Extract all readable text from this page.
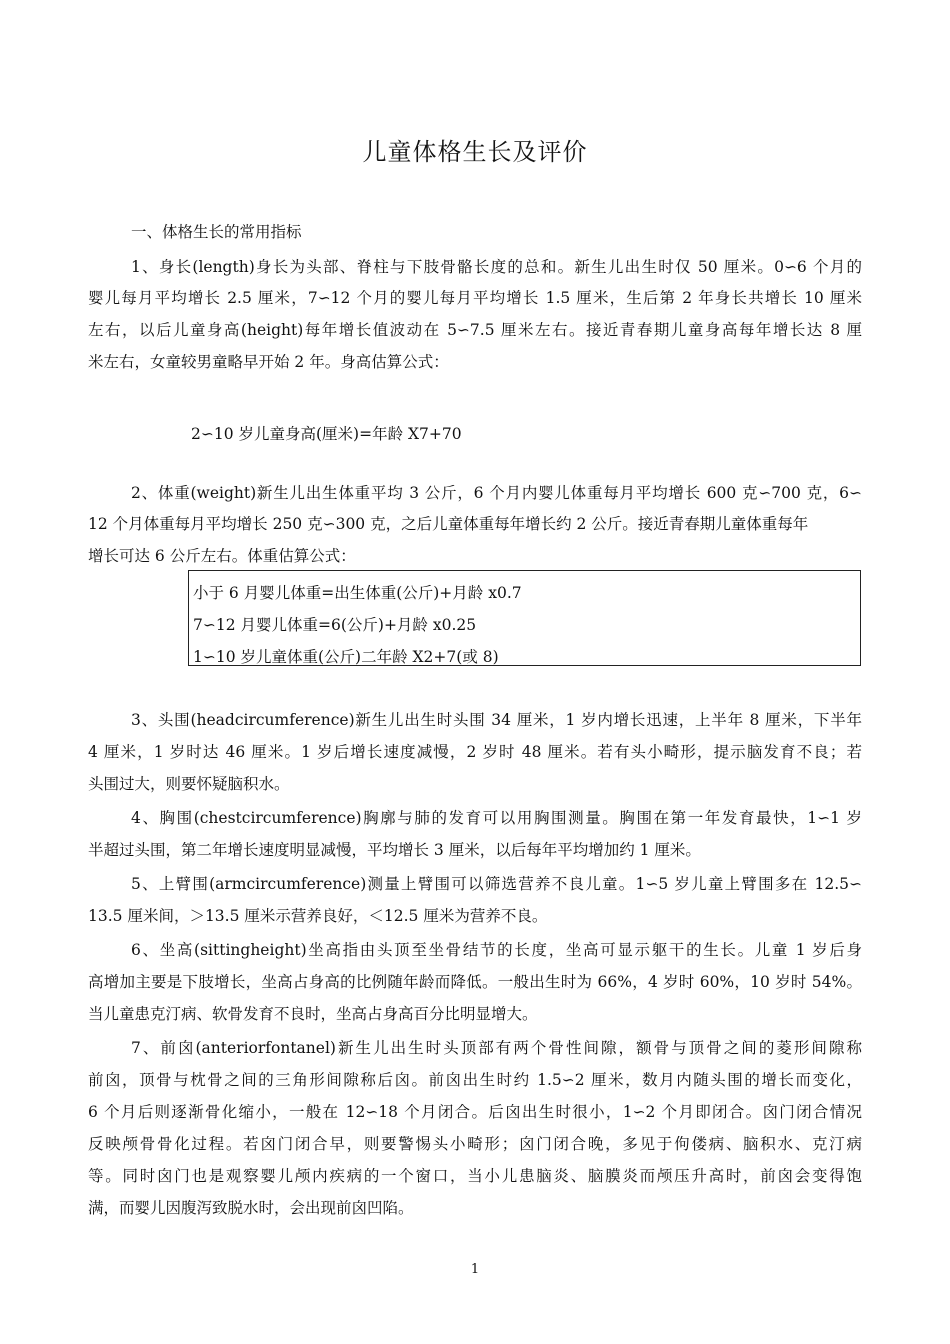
儿童体格生长及评价
一、体格生长的常用指标
1、身长(length)身长为头部、脊柱与下肢骨骼长度的总和。新生儿出生时仅 50 厘米。0∽6 个月的
婴儿每月平均增长 2.5 厘米，7∽12 个月的婴儿每月平均增长 1.5 厘米，生后第 2 年身长共增长 10 厘米
左右，以后儿童身高(height)每年增长值波动在 5∽7.5 厘米左右。接近青春期儿童身高每年增长达 8 厘
米左右，女童较男童略早开始 2 年。身高估算公式：
2∽10 岁儿童身高(厘米)=年龄 X7+70
2、体重(weight)新生儿出生体重平均 3 公斤，6 个月内婴儿体重每月平均增长 600 克∽700 克，6∽
12 个月体重每月平均增长 250 克∽300 克，之后儿童体重每年增长约 2 公斤。接近青春期儿童体重每年
增长可达 6 公斤左右。体重估算公式：
小于 6 月婴儿体重=出生体重(公斤)+月龄 x0.7
7∽12 月婴儿体重=6(公斤)+月龄 x0.25
1∽10 岁儿童体重(公斤)二年龄 X2+7(或 8)
3、头围(headcircumference)新生儿出生时头围 34 厘米，1 岁内增长迅速，上半年 8 厘米，下半年
4 厘米，1 岁时达 46 厘米。1 岁后增长速度减慢，2 岁时 48 厘米。若有头小畸形，提示脑发育不良；若
头围过大，则要怀疑脑积水。
4、胸围(chestcircumference)胸廓与肺的发育可以用胸围测量。胸围在第一年发育最快，1∽1 岁
半超过头围，第二年增长速度明显减慢，平均增长 3 厘米，以后每年平均增加约 1 厘米。
5、上臂围(armcircumference)测量上臂围可以筛选营养不良儿童。1∽5 岁儿童上臂围多在 12.5∽
13.5 厘米间，＞13.5 厘米示营养良好，＜12.5 厘米为营养不良。
6、坐高(sittingheight)坐高指由头顶至坐骨结节的长度，坐高可显示躯干的生长。儿童 1 岁后身
高增加主要是下肢增长，坐高占身高的比例随年龄而降低。一般出生时为 66%，4 岁时 60%，10 岁时 54%。
当儿童患克汀病、软骨发育不良时，坐高占身高百分比明显增大。
7、前囟(anteriorfontanel)新生儿出生时头顶部有两个骨性间隙，额骨与顶骨之间的菱形间隙称
前囟，顶骨与枕骨之间的三角形间隙称后囟。前囟出生时约 1.5∽2 厘米，数月内随头围的增长而变化，
6 个月后则逐渐骨化缩小，一般在 12∽18 个月闭合。后囟出生时很小，1∽2 个月即闭合。囟门闭合情况
反映颅骨骨化过程。若囟门闭合早，则要警惕头小畸形；囟门闭合晚，多见于佝偻病、脑积水、克汀病
等。同时囟门也是观察婴儿颅内疾病的一个窗口，当小儿患脑炎、脑膜炎而颅压升高时，前囟会变得饱
满，而婴儿因腹泻致脱水时，会出现前囟凹陷。
1
